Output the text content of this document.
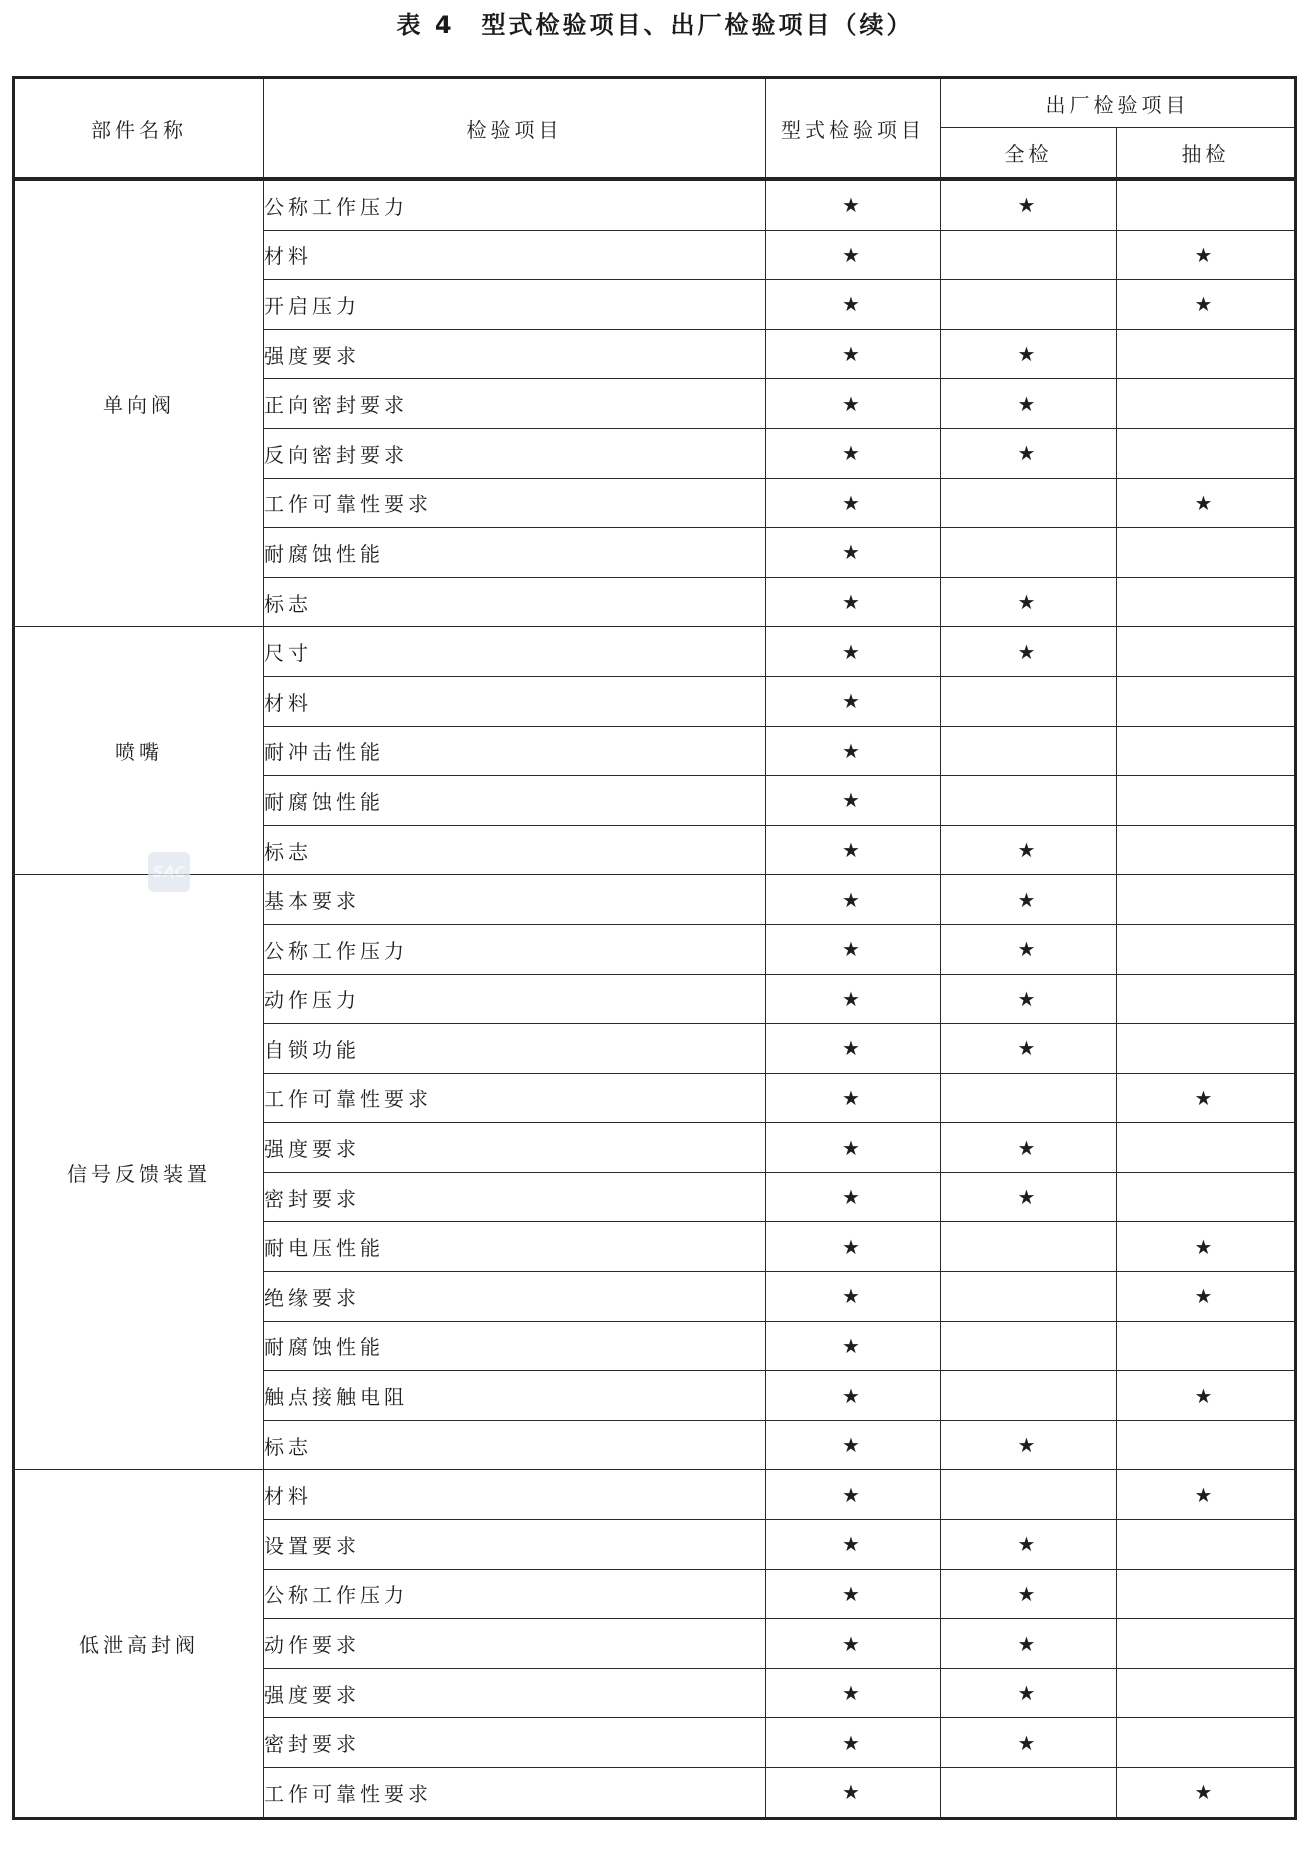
表 4　型式检验项目、出厂检验项目（续）
部件名称	检验项目	型式检验项目	出厂检验项目	
			全检	抽检
单向阀	公称工作压力	★	★	
	材料	★		★
	开启压力	★		★
	强度要求	★	★	
	正向密封要求	★	★	
	反向密封要求	★	★	
	工作可靠性要求	★		★
	耐腐蚀性能	★		
	标志	★	★	
喷嘴	尺寸	★	★	
	材料	★		
	耐冲击性能	★		
	耐腐蚀性能	★		
	标志	★	★	
信号反馈装置	基本要求	★	★	
	公称工作压力	★	★	
	动作压力	★	★	
	自锁功能	★	★	
	工作可靠性要求	★		★
	强度要求	★	★	
	密封要求	★	★	
	耐电压性能	★		★
	绝缘要求	★		★
	耐腐蚀性能	★		
	触点接触电阻	★		★
	标志	★	★	
低泄高封阀	材料	★		★
	设置要求	★	★	
	公称工作压力	★	★	
	动作要求	★	★	
	强度要求	★	★	
	密封要求	★	★	
	工作可靠性要求	★		★
SAC
